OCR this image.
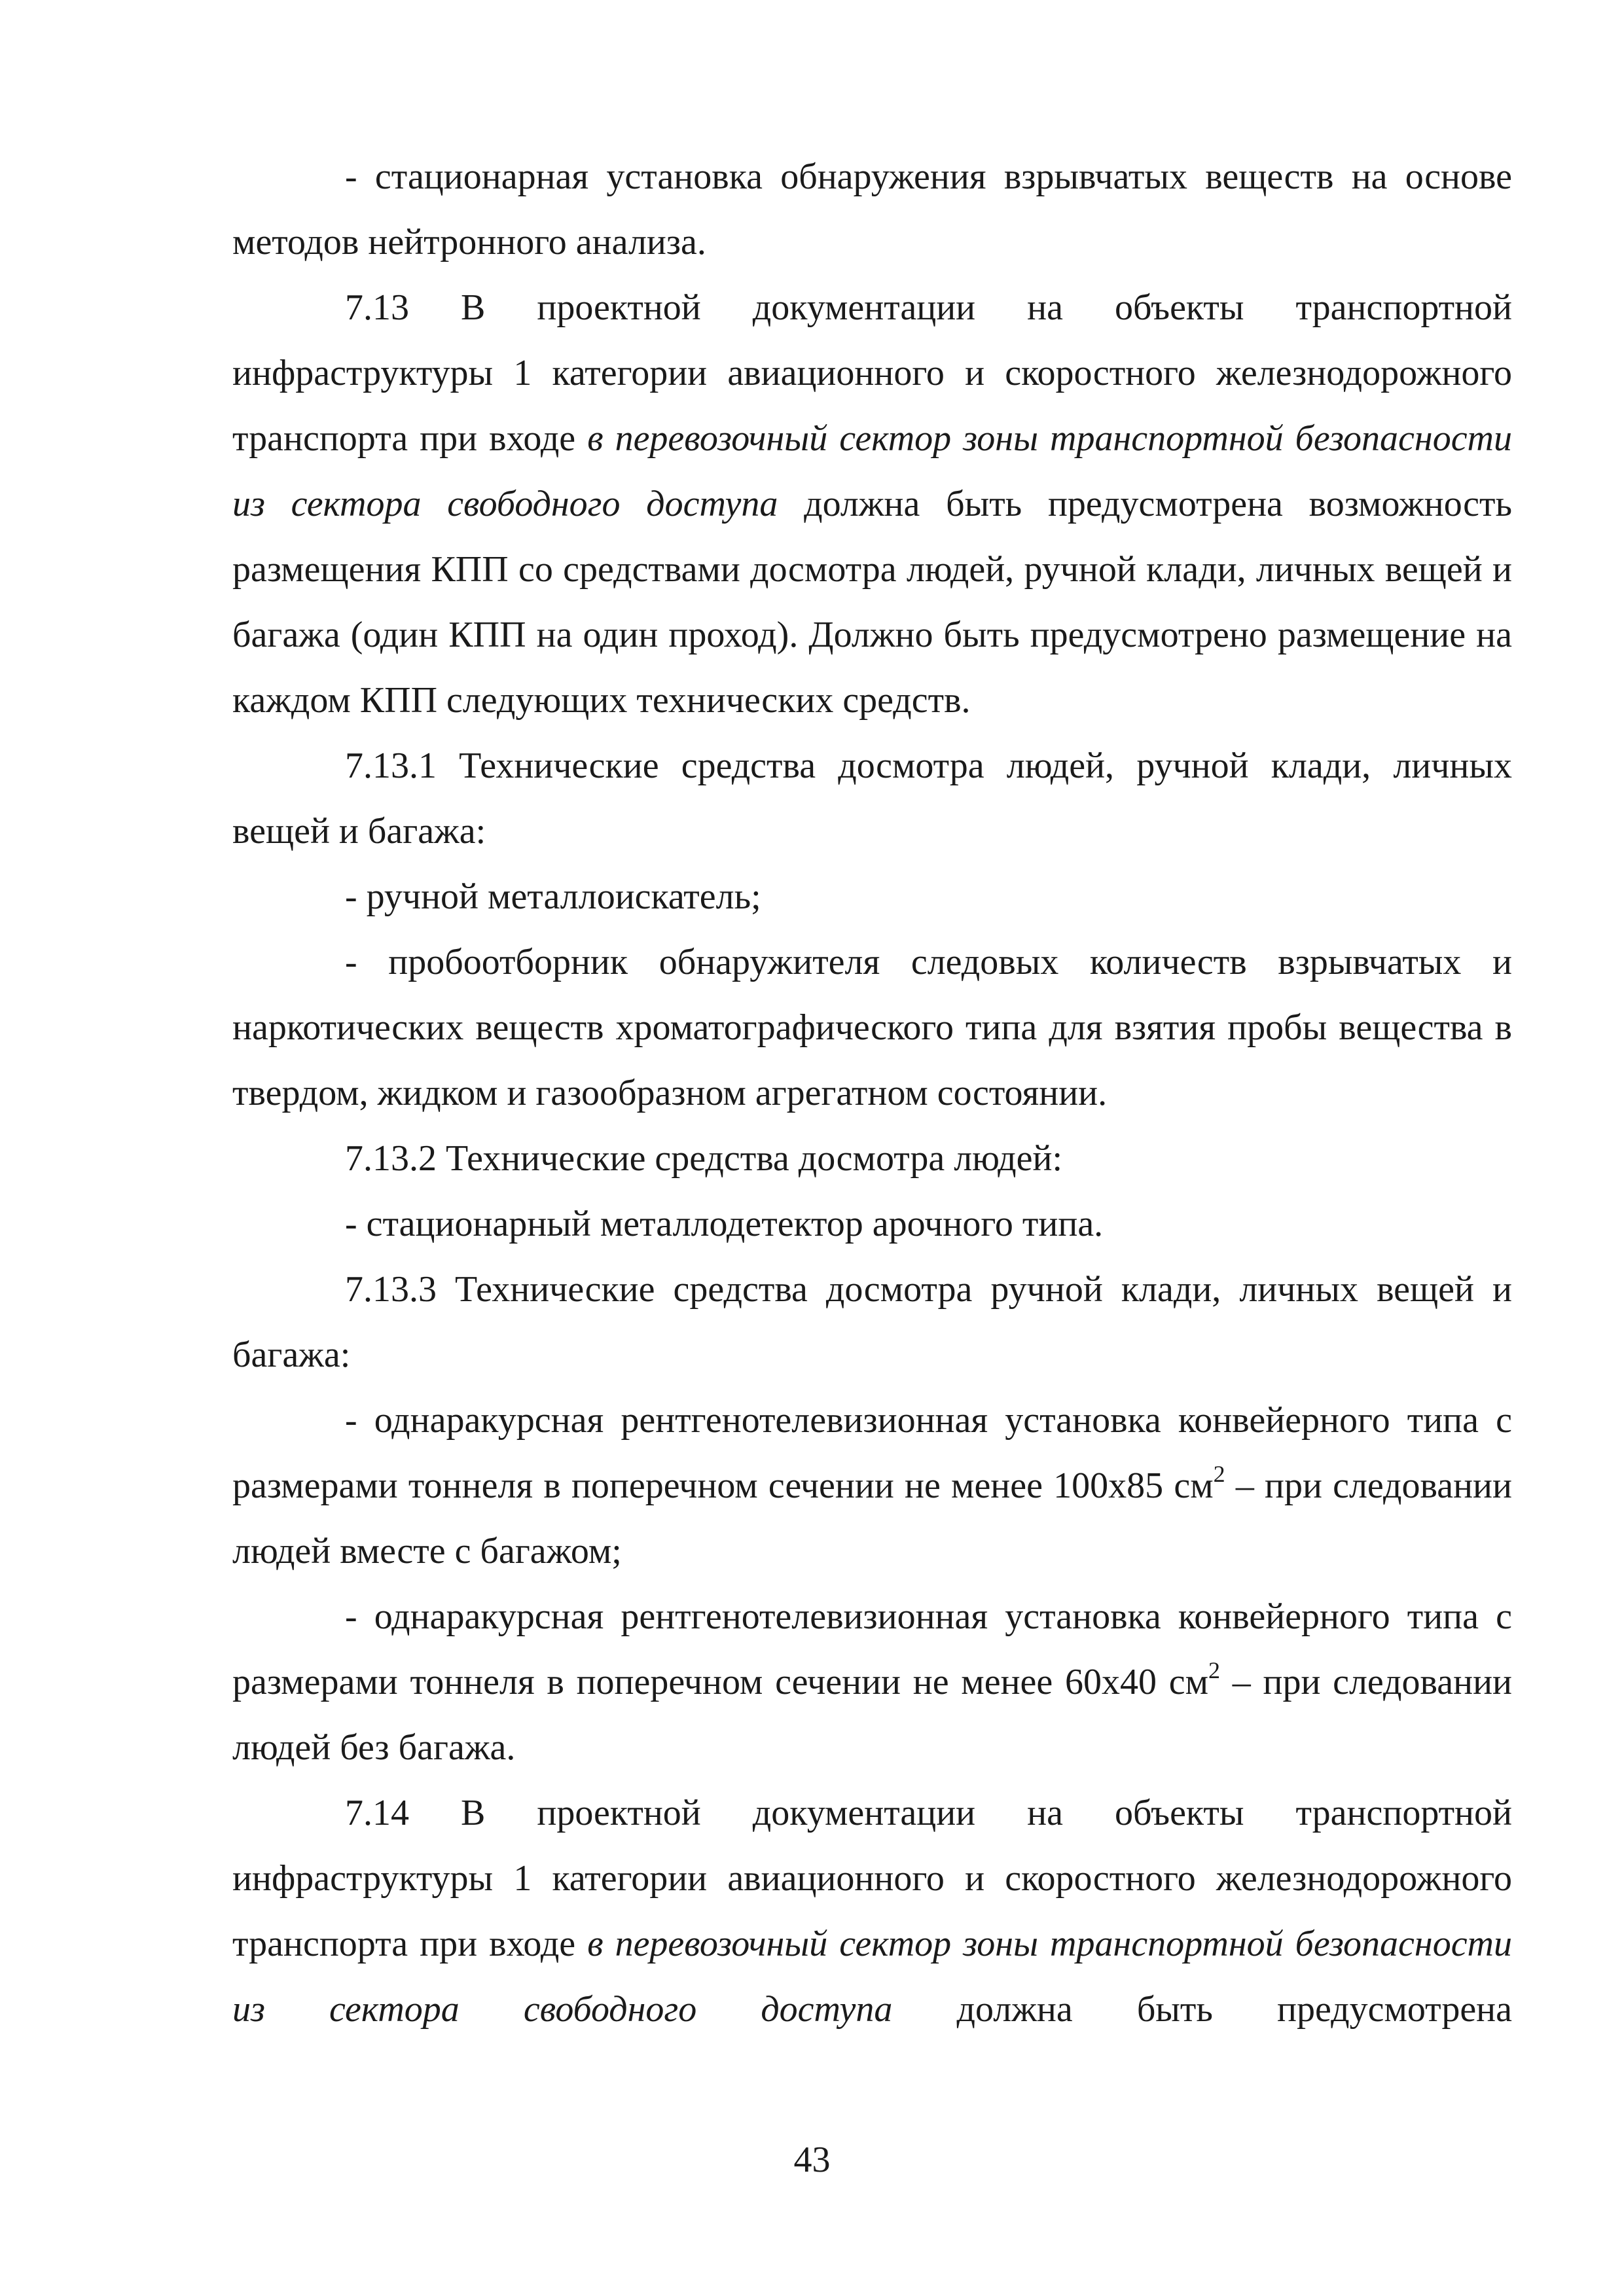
- стационарная установка обнаружения взрывчатых веществ на основе методов нейтронного анализа.

7.13 В проектной документации на объекты транспортной инфраструктуры 1 категории авиационного и скоростного железнодорожного транспорта при входе в перевозочный сектор зоны транспортной безопасности из сектора свободного доступа должна быть предусмотрена возможность размещения КПП со средствами досмотра людей, ручной клади, личных вещей и багажа (один КПП на один проход). Должно быть предусмотрено размещение на каждом КПП следующих технических средств.

7.13.1 Технические средства досмотра людей, ручной клади, личных вещей и багажа:

- ручной металлоискатель;

- пробоотборник обнаружителя следовых количеств взрывчатых и наркотических веществ хроматографического типа для взятия пробы вещества в твердом, жидком и газообразном агрегатном состоянии.

7.13.2 Технические средства досмотра людей:

- стационарный металлодетектор арочного типа.

7.13.3 Технические средства досмотра ручной клади, личных вещей и багажа:

- однаракурсная рентгенотелевизионная установка конвейерного типа с размерами тоннеля в поперечном сечении не менее 100х85 $см^2$ – при следовании людей вместе с багажом;

- однаракурсная рентгенотелевизионная установка конвейерного типа с размерами тоннеля в поперечном сечении не менее 60х40 $см^2$ – при следовании людей без багажа.

7.14 В проектной документации на объекты транспортной инфраструктуры 1 категории авиационного и скоростного железнодорожного транспорта при входе в перевозочный сектор зоны транспортной безопасности из сектора свободного доступа должна быть предусмотрена

43
